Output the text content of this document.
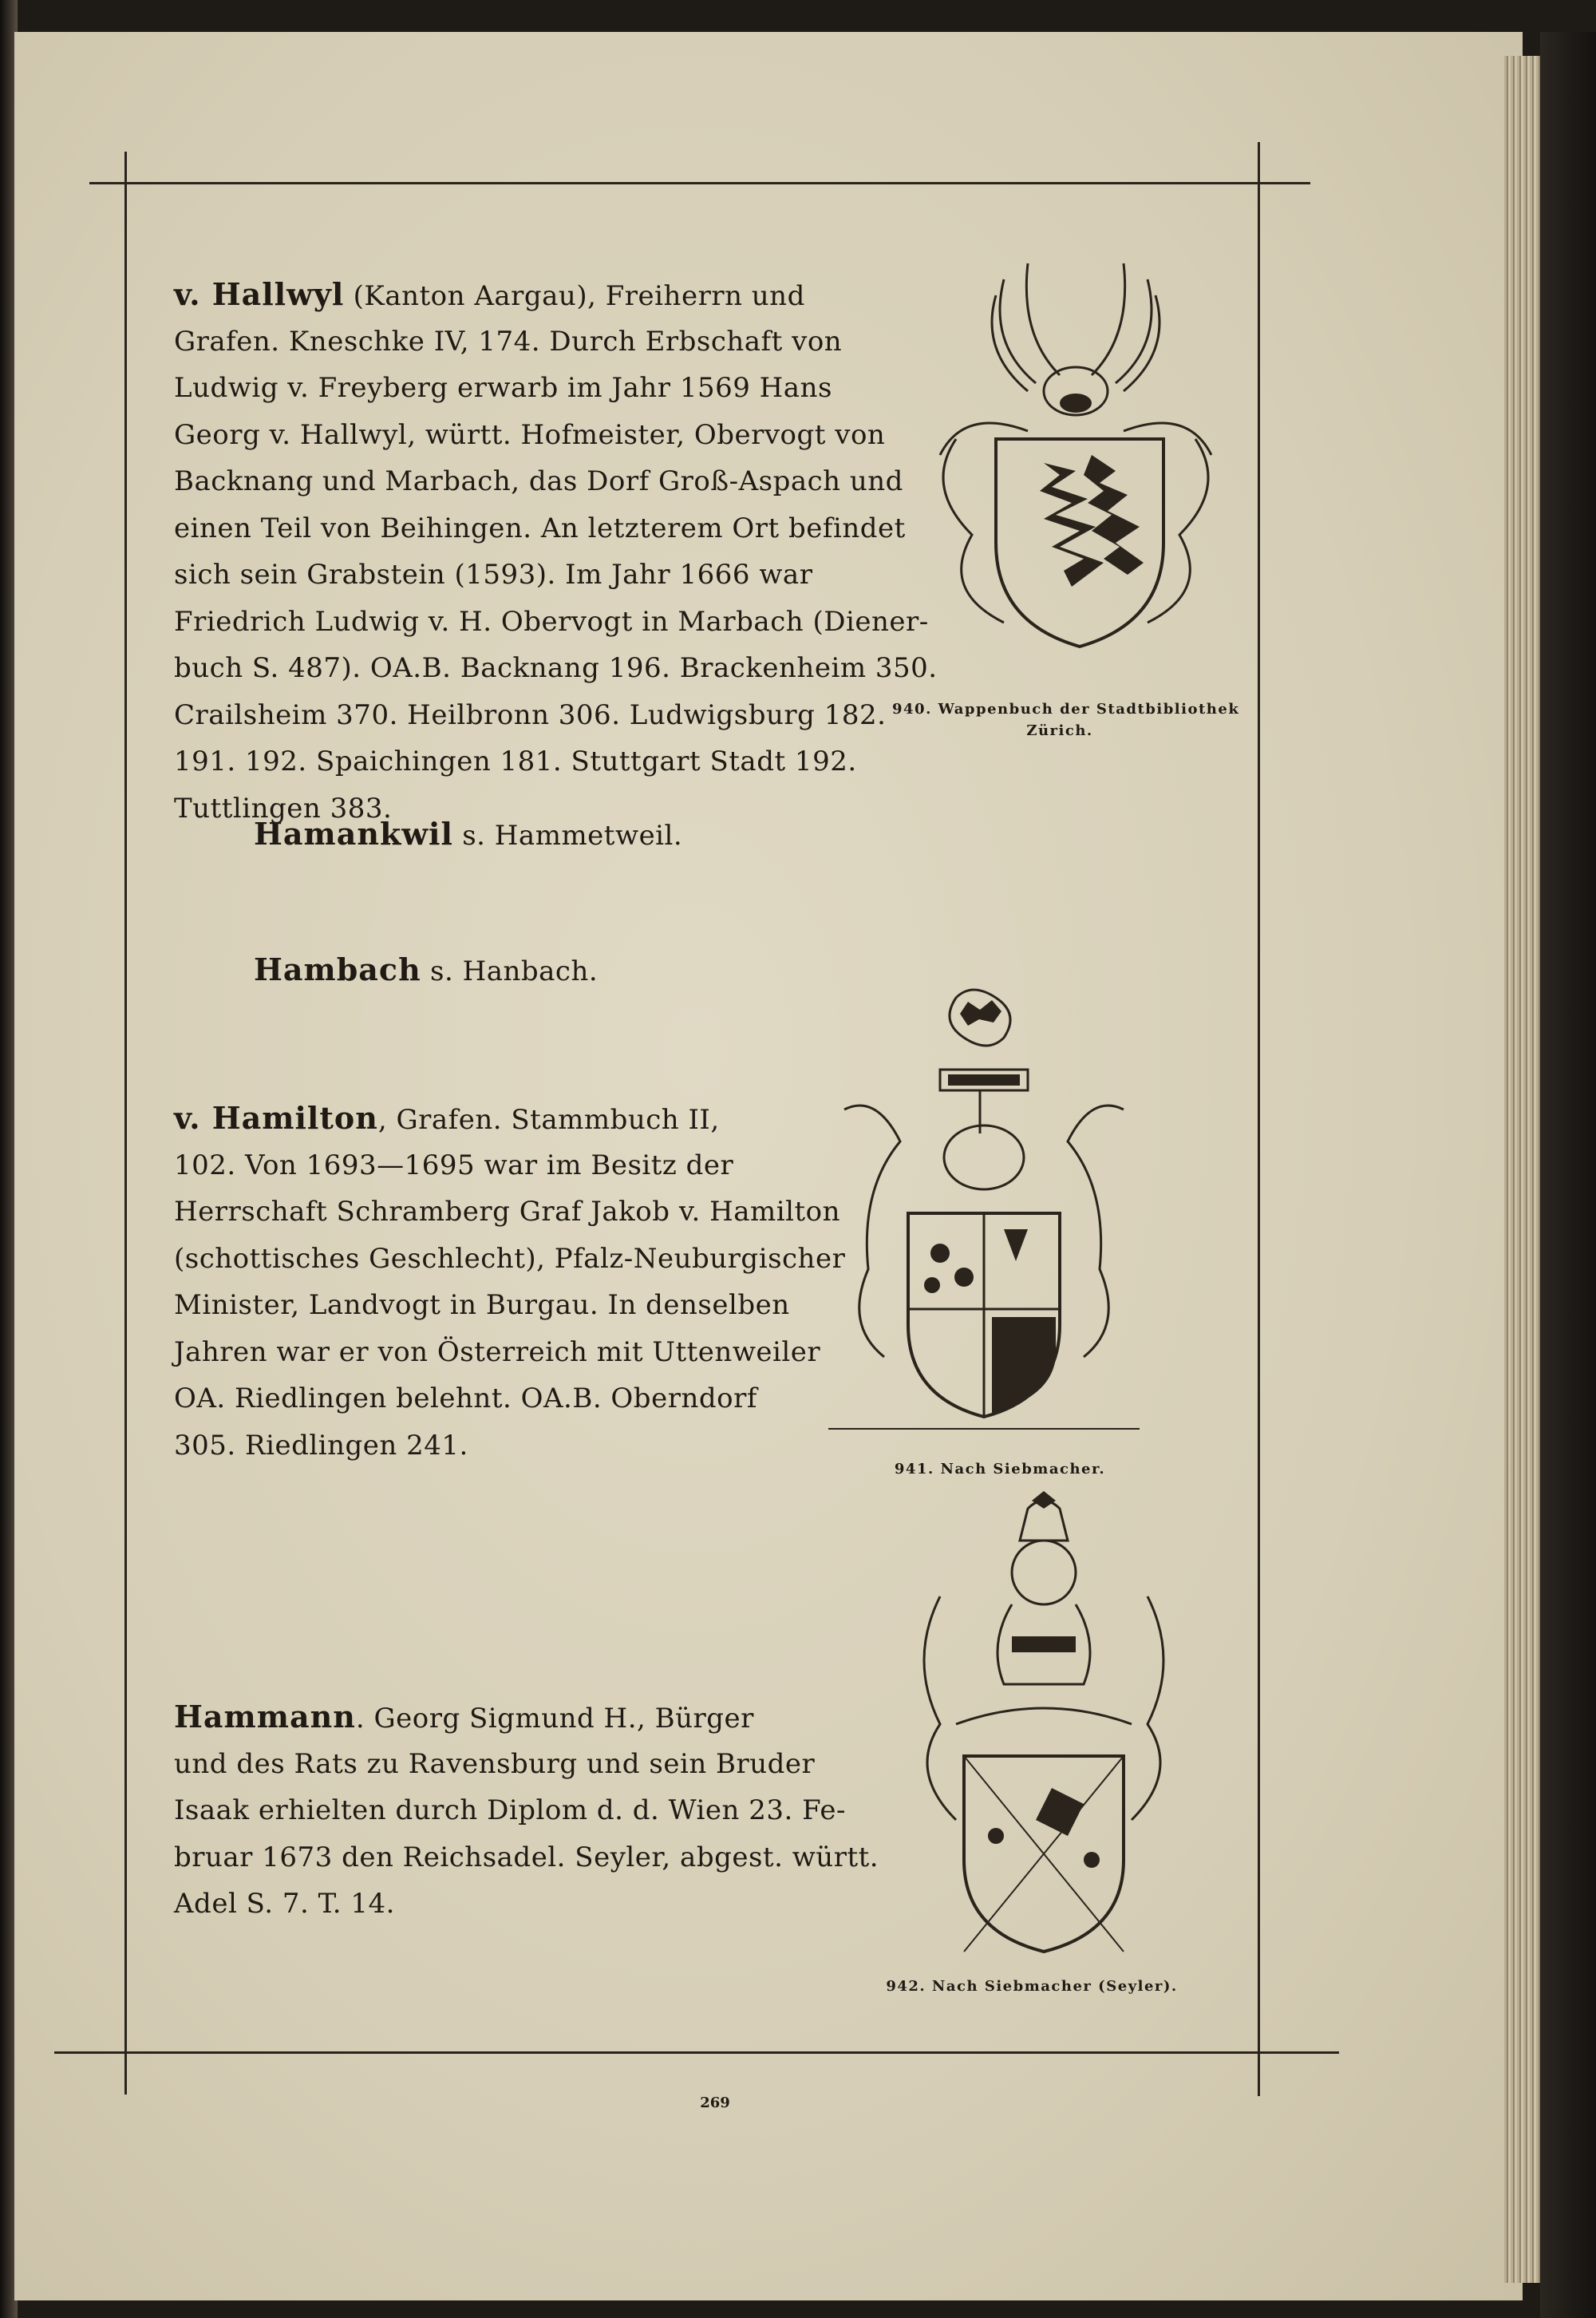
v. Hallwyl (Kanton Aargau), Freiherrn und
Grafen. Kneschke IV, 174. Durch Erbschaft von
Ludwig v. Freyberg erwarb im Jahr 1569 Hans
Georg v. Hallwyl, württ. Hofmeister, Obervogt von
Backnang und Marbach, das Dorf Groß-Aspach und
einen Teil von Beihingen. An letzterem Ort befindet
sich sein Grabstein (1593). Im Jahr 1666 war
Friedrich Ludwig v. H. Obervogt in Marbach (Diener-
buch S. 487). OA.B. Backnang 196. Brackenheim 350.
Crailsheim 370. Heilbronn 306. Ludwigsburg 182.
191. 192. Spaichingen 181. Stuttgart Stadt 192.
Tuttlingen 383.

940. Wappenbuch der Stadtbibliothek
Zürich.
Hamankwil s. Hammetweil.
Hambach s. Hanbach.

v. Hamilton, Grafen. Stammbuch II,
102. Von 1693—1695 war im Besitz der
Herrschaft Schramberg Graf Jakob v. Hamilton
(schottisches Geschlecht), Pfalz-Neuburgischer
Minister, Landvogt in Burgau. In denselben
Jahren war er von Österreich mit Uttenweiler
OA. Riedlingen belehnt. OA.B. Oberndorf
305. Riedlingen 241.

941. Nach Siebmacher.

Hammann. Georg Sigmund H., Bürger
und des Rats zu Ravensburg und sein Bruder
Isaak erhielten durch Diplom d. d. Wien 23. Fe-
bruar 1673 den Reichsadel. Seyler, abgest. württ.
Adel S. 7. T. 14.

942. Nach Siebmacher (Seyler).
269
